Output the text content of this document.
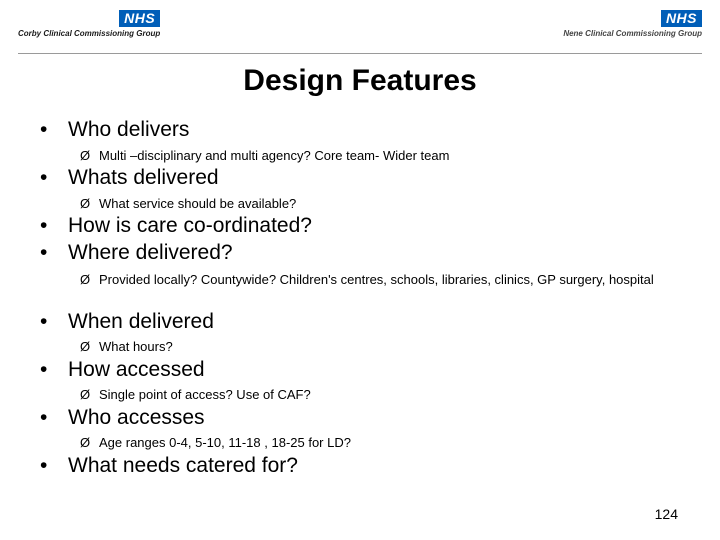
NHS
Corby Clinical Commissioning Group
NHS
Nene Clinical Commissioning Group
Design Features
• Who delivers
Ø Multi –disciplinary and multi agency? Core team- Wider team
• Whats delivered
Ø What service should be available?
• How is care co-ordinated?
• Where delivered?
Ø Provided locally? Countywide? Children's centres, schools, libraries, clinics, GP surgery, hospital
• When delivered
Ø What hours?
• How accessed
Ø Single point of access? Use of CAF?
• Who accesses
Ø Age ranges 0-4, 5-10, 11-18 , 18-25 for LD?
• What needs catered for?
124
